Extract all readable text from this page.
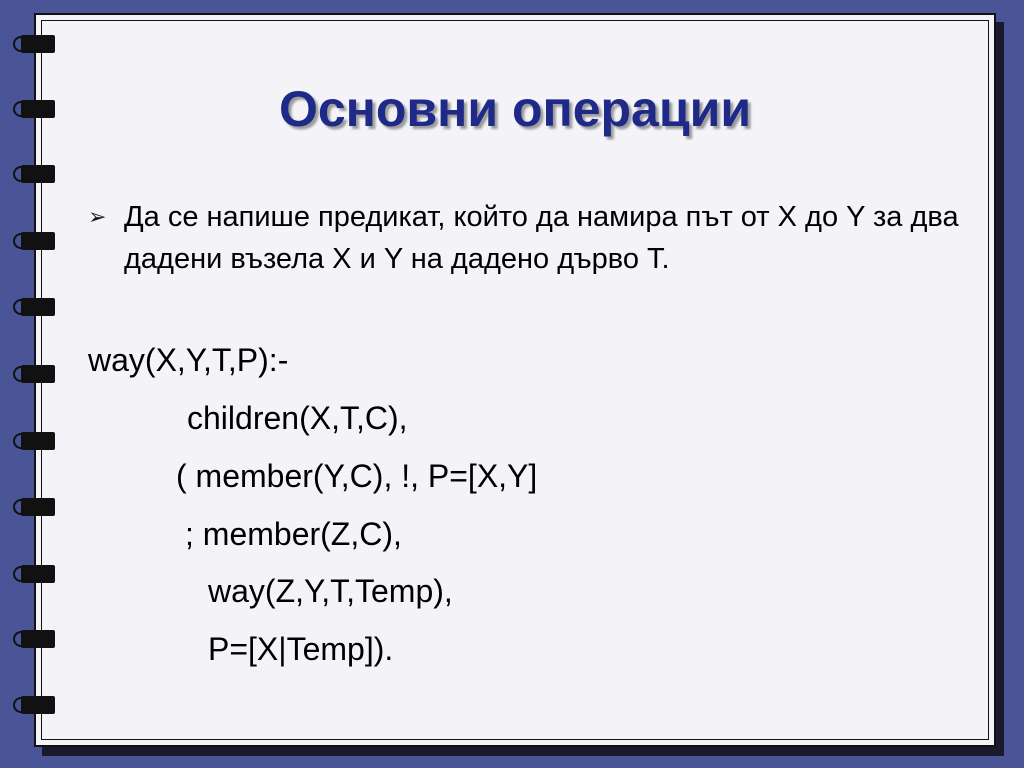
Основни операции
➢ Да се напише предикат, който да намира път от X до Y за два дадени възела X и Y на дадено дърво T.
way(X,Y,T,P):-
children(X,T,C),
( member(Y,C), !, P=[X,Y]
; member(Z,C),
way(Z,Y,T,Temp),
P=[X|Temp]).
